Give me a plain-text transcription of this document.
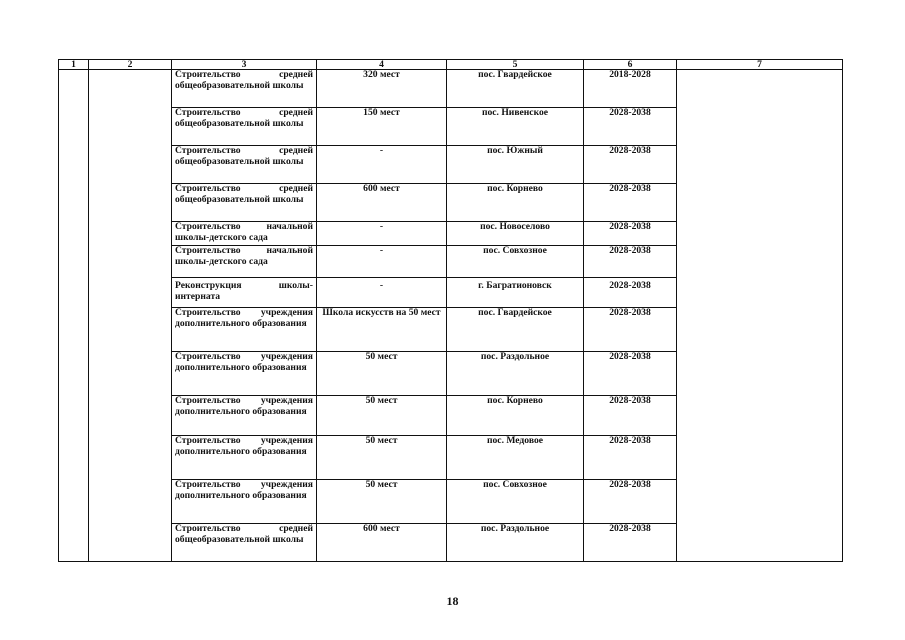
1	2	3	4	5	6	7
		Строительство средней общеобразовательной школы	320 мест	пос. Гвардейское	2018-2028	
		Строительство средней общеобразовательной школы	150 мест	пос. Нивенское	2028-2038	
		Строительство средней общеобразовательной школы	-	пос. Южный	2028-2038	
		Строительство средней общеобразовательной школы	600 мест	пос. Корнево	2028-2038	
		Строительство начальной школы-детского сада	-	пос. Новоселово	2028-2038	
		Строительство начальной школы-детского сада	-	пос. Совхозное	2028-2038	
		Реконструкция школы-интерната	-	г. Багратионовск	2028-2038	
		Строительство учреждения дополнительного образования	Школа искусств на 50 мест	пос. Гвардейское	2028-2038	
		Строительство учреждения дополнительного образования	50 мест	пос. Раздольное	2028-2038	
		Строительство учреждения дополнительного образования	50 мест	пос. Корнево	2028-2038	
		Строительство учреждения дополнительного образования	50 мест	пос. Медовое	2028-2038	
		Строительство учреждения дополнительного образования	50 мест	пос. Совхозное	2028-2038	
		Строительство средней общеобразовательной школы	600 мест	пос. Раздольное	2028-2038	
18
